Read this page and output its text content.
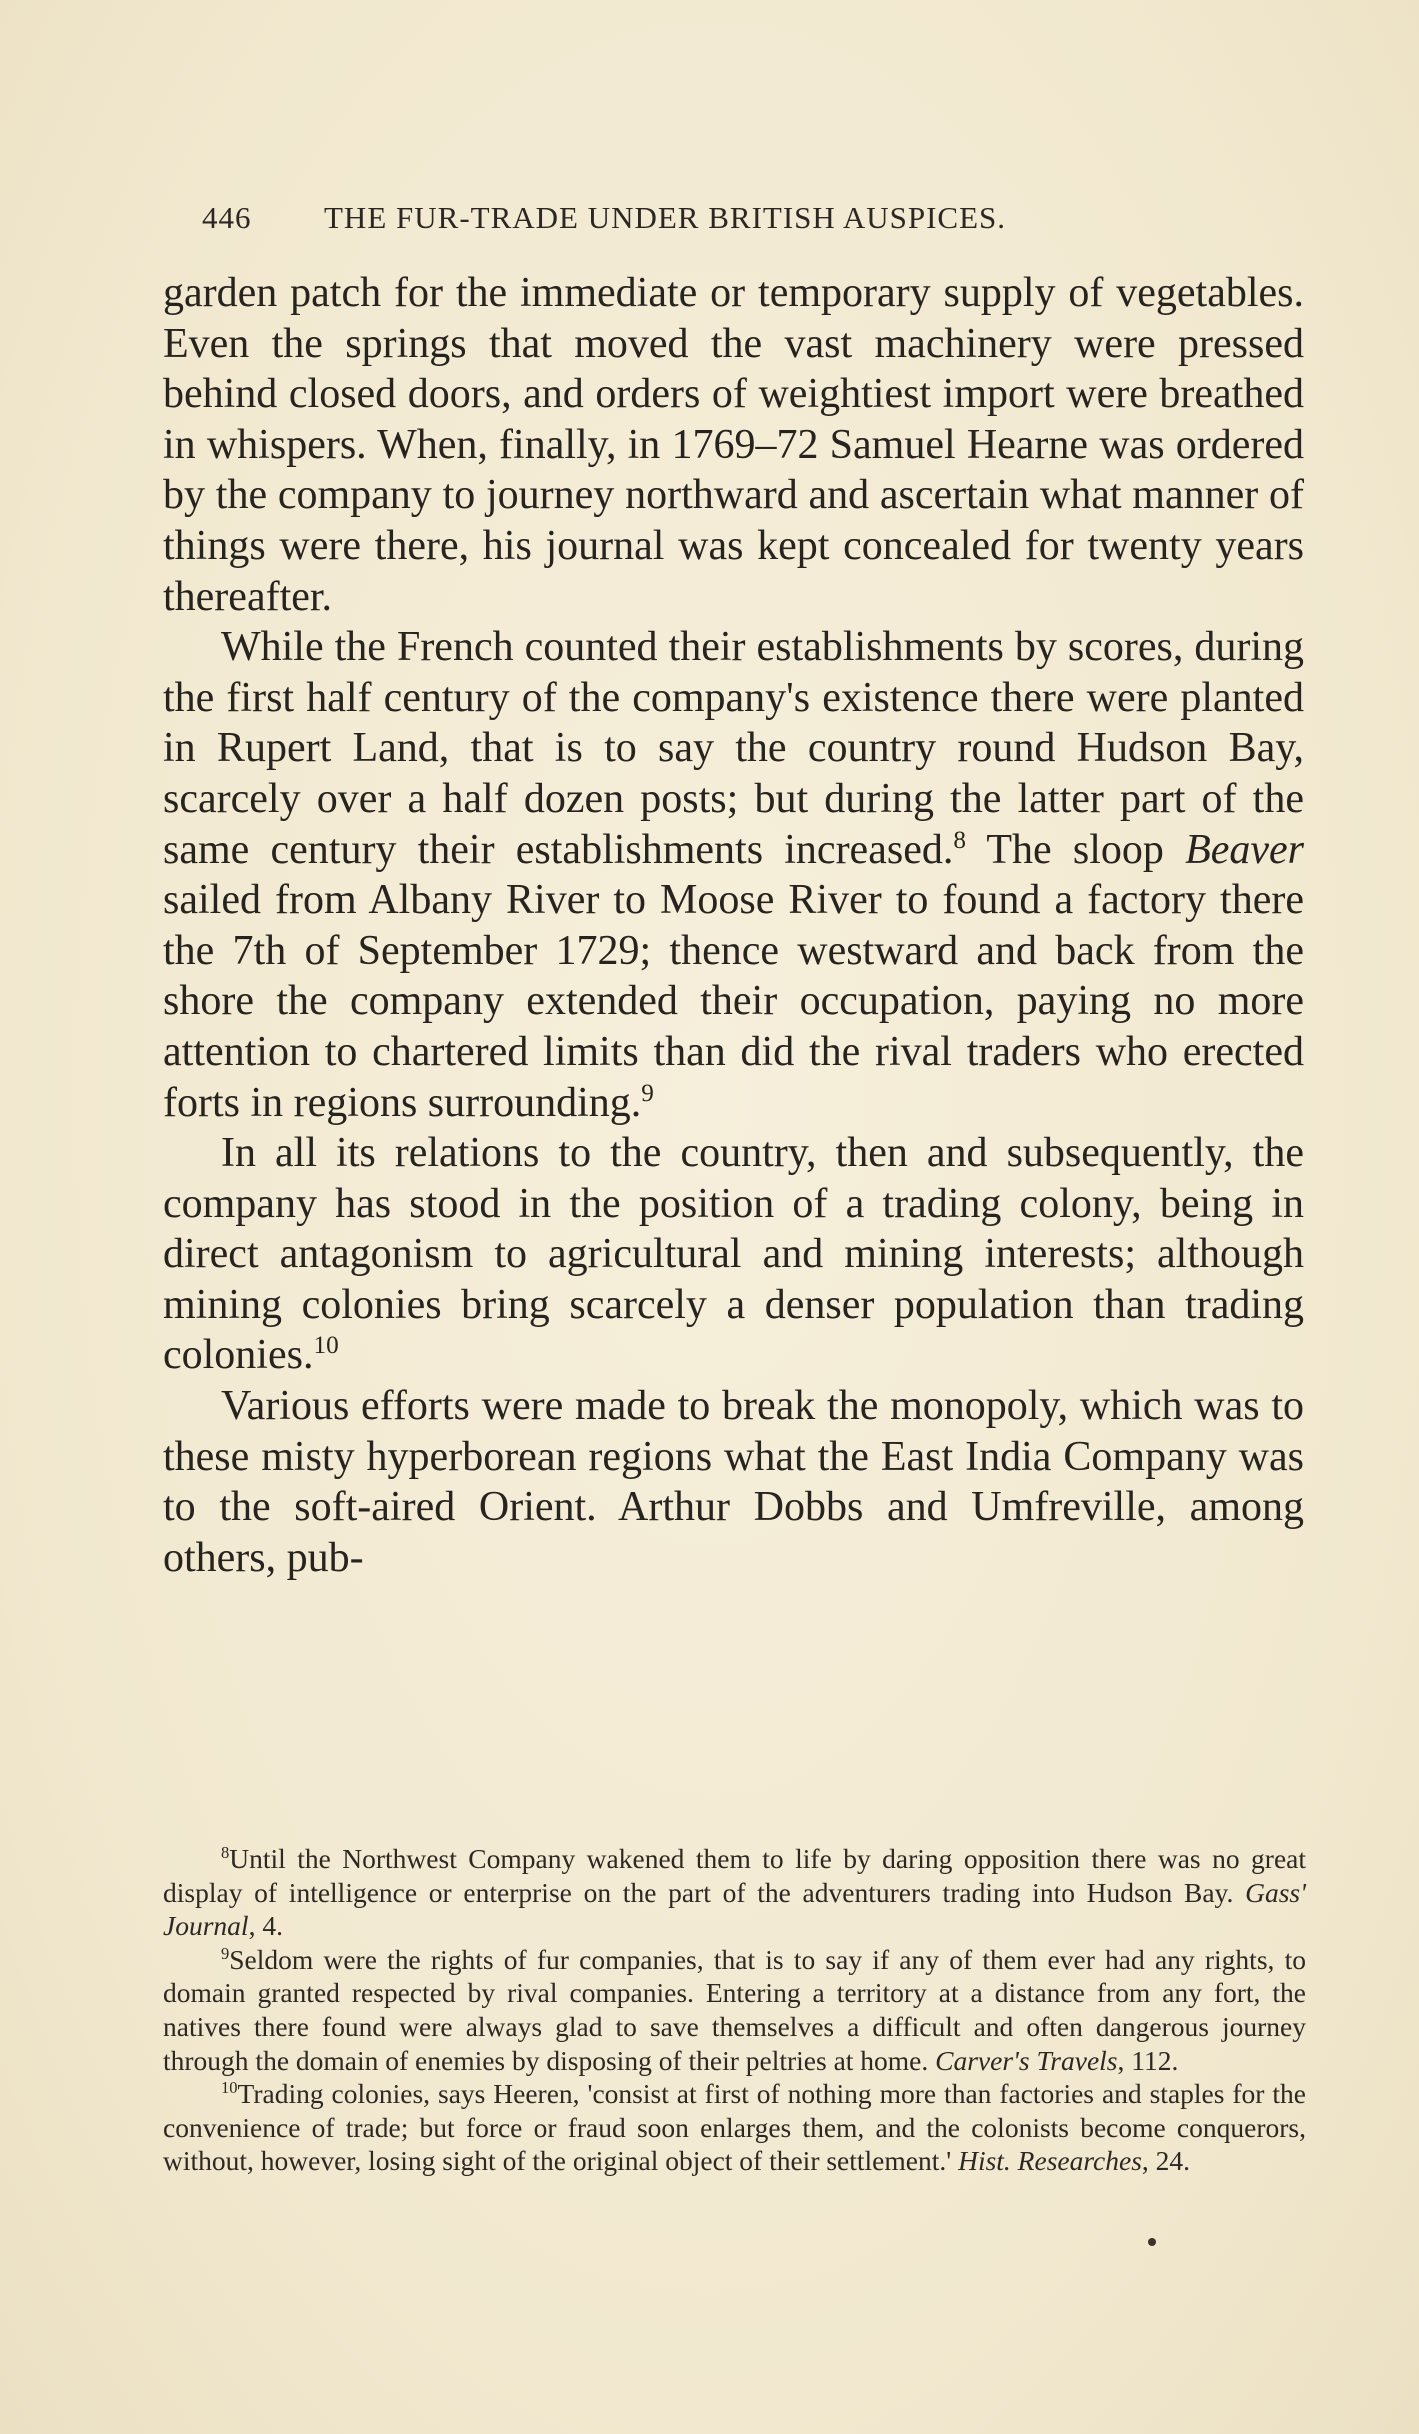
446 THE FUR-TRADE UNDER BRITISH AUSPICES.

garden patch for the immediate or temporary supply of vegetables. Even the springs that moved the vast machinery were pressed behind closed doors, and orders of weightiest import were breathed in whispers. When, finally, in 1769–72 Samuel Hearne was ordered by the company to journey northward and ascertain what manner of things were there, his journal was kept concealed for twenty years thereafter.

While the French counted their establishments by scores, during the first half century of the company's existence there were planted in Rupert Land, that is to say the country round Hudson Bay, scarcely over a half dozen posts; but during the latter part of the same century their establishments increased.$^8$ The sloop Beaver sailed from Albany River to Moose River to found a factory there the 7th of September 1729; thence westward and back from the shore the company extended their occupation, paying no more attention to chartered limits than did the rival traders who erected forts in regions surrounding.$^9$

In all its relations to the country, then and subsequently, the company has stood in the position of a trading colony, being in direct antagonism to agricultural and mining interests; although mining colonies bring scarcely a denser population than trading colonies.$^{10}$

Various efforts were made to break the monopoly, which was to these misty hyperborean regions what the East India Company was to the soft-aired Orient. Arthur Dobbs and Umfreville, among others, pub-

$^8$Until the Northwest Company wakened them to life by daring opposition there was no great display of intelligence or enterprise on the part of the adventurers trading into Hudson Bay. Gass' Journal, 4.

$^9$Seldom were the rights of fur companies, that is to say if any of them ever had any rights, to domain granted respected by rival companies. Entering a territory at a distance from any fort, the natives there found were always glad to save themselves a difficult and often dangerous journey through the domain of enemies by disposing of their peltries at home. Carver's Travels, 112.

$^{10}$Trading colonies, says Heeren, 'consist at first of nothing more than factories and staples for the convenience of trade; but force or fraud soon enlarges them, and the colonists become conquerors, without, however, losing sight of the original object of their settlement.' Hist. Researches, 24.
